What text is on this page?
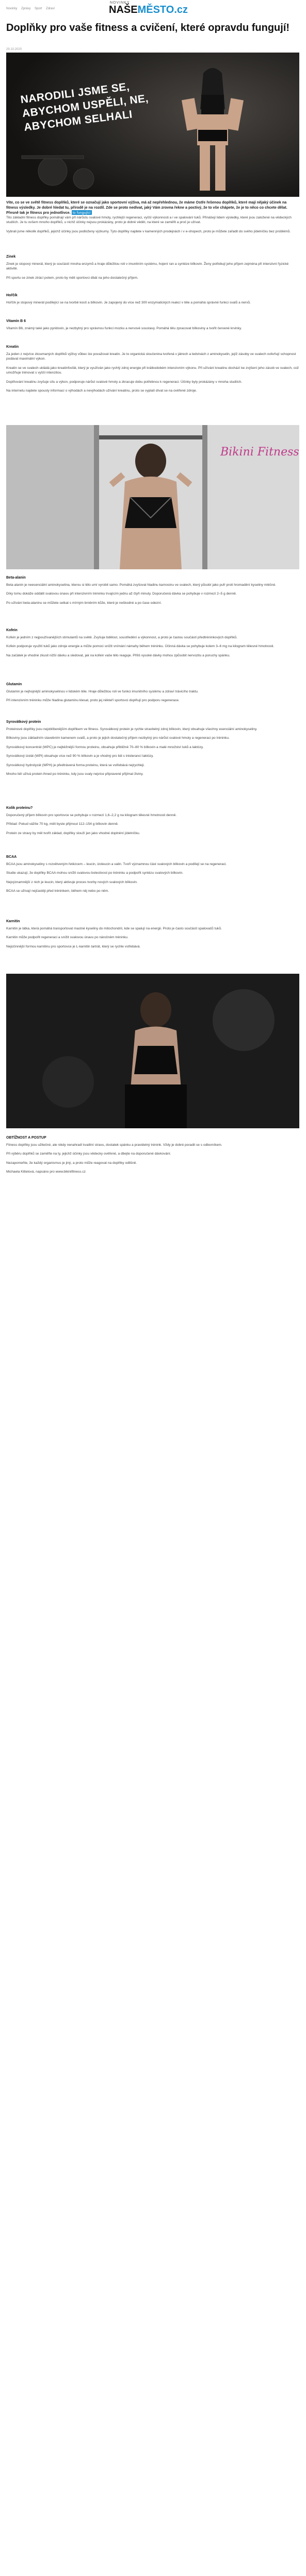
Novinky Zprávy Sport Zdraví
NOVINKY
NAŠEMĚSTO.cz
Doplňky pro vaše fitness a cvičení, které opravdu fungují!
29.10.2020
NARODILI JSME SE, ABYCHOM USPĚLI, NE, ABYCHOM SELHALI
Víte, co se ve světě fitness doplňků, které se označují jako sportovní výživa, má až nepřehlednou, že máme Ostře řešenou doplňků, které mají nějaký účinek na fitness výsledky. Je dobré hledat tu, přírodě je na rozdíl. Zde se proto nedívat, jaký Vám zrovna řekne a poctivý, že to vše chápete, že je to něco co chcete dělat. Přesně tak je fitness pro jednotlivce. to fungující

Tito základní fitness doplňky pomáhají vám při nárůstu svalové hmoty, rychlejší regeneraci, vyšší výkonnosti a i ve spalování tuků. Přinášejí lidem výsledky, které jsou založené na vědeckých studiích. Je tu ovšem mnoho doplňků, u nichž účinky nejsou prokázány, proto je dobré vědět, na které se zaměřit a proč je užívat.

Vybrali jsme několik doplňků, jejichž účinky jsou podloženy výzkumy. Tyto doplňky najdete v kamenných prodejnách i v e-shopech, proto je můžete zařadit do svého jídelníčku bez problémů.

Zinek

Zinek je stopový minerál, který je součástí mnoha enzymů a hraje důležitou roli v imunitním systému, hojení ran a syntéze bílkovin. Ženy potřebují jeho příjem zejména při intenzivní fyzické aktivitě.

Při sportu se zinek ztrácí potem, proto by měli sportovci dbát na jeho dostatečný příjem.

Hořčík

Hořčík je stopový minerál podílející se na tvorbě kostí a bílkovin. Je zapojený do více než 300 enzymatických reakcí v těle a pomáhá správné funkci svalů a nervů.

Vitamín B 6

Vitamín B6, známý také jako pyridoxin, je nezbytný pro správnou funkci mozku a nervové soustavy. Pomáhá tělu zpracovat bílkoviny a tvořit červené krvinky.

Kreatin

Za jeden z nejvíce zkoumaných doplňků výživy vůbec lze považovat kreatin. Je to organická sloučenina tvořená v játrech a ledvinách z aminokyselin, jejíž zásoby ve svalech ovlivňují schopnost podávat maximální výkon.

Kreatin se ve svalech ukládá jako kreatinfosfát, který je využíván jako rychlý zdroj energie při krátkodobém intenzivním výkonu. Při užívání kreatinu dochází ke zvýšení jeho zásob ve svalech, což umožňuje trénovat s vyšší intenzitou.

Doplňování kreatinu zvyšuje sílu a výkon, podporuje nárůst svalové hmoty a zkracuje dobu potřebnou k regeneraci. Účinky byly prokázány v mnoha studiích.

Na internetu najdete spousty informací o výhodách a nevýhodách užívání kreatinu, proto se vyplatí dívat se na ověřené zdroje.

Bikini Fitness
Beta-alanin

Beta-alanin je neesenciální aminokyselina, kterou si tělo umí vyrobit samo. Pomáhá zvyšovat hladinu karnosinu ve svalech, který působí jako pufr proti hromadění kyseliny mléčné.

Díky tomu dokáže oddálit svalovou únavu při intenzivním tréninku trvajícím jednu až čtyři minuty. Doporučená dávka se pohybuje v rozmezí 2–5 g denně.

Po užívání beta-alaninu se můžete setkat s mírným brněním kůže, které je neškodné a po čase odezní.

Kofein

Kofein je jedním z nejpoužívanějších stimulantů na světě. Zvyšuje bdělost, soustředění a výkonnost, a proto je častou součástí předtréninkových doplňků.

Kofein podporuje využití tuků jako zdroje energie a může pomoci snížit vnímání námahy během tréninku. Účinná dávka se pohybuje kolem 3–6 mg na kilogram tělesné hmotnosti.

Na začátek je vhodné zkusit nižší dávku a sledovat, jak na kofein vaše tělo reaguje. Příliš vysoké dávky mohou způsobit nervozitu a poruchy spánku.

Glutamin

Glutamin je nejhojnější aminokyselinou v lidském těle. Hraje důležitou roli ve funkci imunitního systému a zdraví trávicího traktu.

Při intenzivním tréninku může hladina glutaminu klesat, proto jej někteří sportovci doplňují pro podporu regenerace.

Syrovátkový protein

Proteinové doplňky jsou nejoblíbenějším doplňkem ve fitness. Syrovátkový protein je rychle stravitelný zdroj bílkovin, který obsahuje všechny esenciální aminokyseliny.

Bílkoviny jsou základním stavebním kamenem svalů, a proto je jejich dostatečný příjem nezbytný pro nárůst svalové hmoty a regeneraci po tréninku.

Syrovátkový koncentrát (WPC) je nejběžnější formou proteinu, obsahuje přibližně 70–80 % bílkovin a malé množství tuků a laktózy.

Syrovátkový izolát (WPI) obsahuje více než 90 % bílkovin a je vhodný pro lidi s intolerancí laktózy.

Syrovátkový hydrolyzát (WPH) je předtrávená forma proteinu, která se vstřebává nejrychleji.

Mnoho lidí užívá protein ihned po tréninku, kdy jsou svaly nejvíce připravené přijímat živiny.

Kolik proteinu?

Doporučený příjem bílkovin pro sportovce se pohybuje v rozmezí 1,6–2,2 g na kilogram tělesné hmotnosti denně.

Příklad: Pokud vážíte 70 kg, měli byste přijmout 112–154 g bílkovin denně.

Protein ze stravy by měl tvořit základ, doplňky slouží jen jako vhodné doplnění jídelníčku.

BCAA

BCAA jsou aminokyseliny s rozvětveným řetězcem – leucin, izoleucin a valin. Tvoří významnou část svalových bílkovin a podílejí se na regeneraci.

Studie ukazují, že doplňky BCAA mohou snížit svalovou bolestivost po tréninku a podpořit syntézu svalových bílkovin.

Nejvýznamnější z nich je leucin, který aktivuje proces tvorby nových svalových bílkovin.

BCAA se užívají nejčastěji před tréninkem, během něj nebo po něm.

Karnitin

Karnitin je látka, která pomáhá transportovat mastné kyseliny do mitochondrií, kde se spalují na energii. Proto je často součástí spalovačů tuků.

Karnitin může podpořit regeneraci a snížit svalovou únavu po náročném tréninku.

Nejúčinnější formou karnitinu pro sportovce je L-karnitin tartrát, který se rychle vstřebává.

OBTÍŽNOST A POSTUP

Fitness doplňky jsou užitečné, ale nikdy nenahradí kvalitní stravu, dostatek spánku a pravidelný trénink. Vždy je dobré poradit se s odborníkem.

Při výběru doplňků se zaměřte na ty, jejichž účinky jsou vědecky ověřené, a dbejte na doporučené dávkování.

Nezapomeňte, že každý organismus je jiný, a proto může reagovat na doplňky odlišně.

Michaela Kittelová, napsáno pro www.bikinifitness.cz
